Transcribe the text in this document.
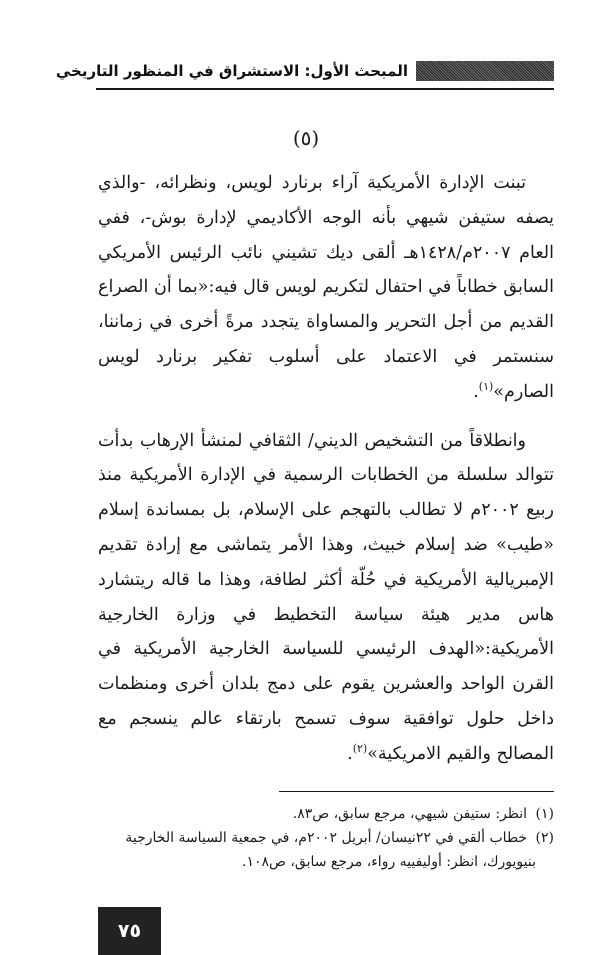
المبحث الأول: الاستشراق في المنظور التاريخي
(٥)

تبنت الإدارة الأمريكية آراء برنارد لويس، ونظرائه، -والذي يصفه ستيفن شيهي بأنه الوجه الأكاديمي لإدارة بوش-، ففي العام ٢٠٠٧م/١٤٢٨هـ ألقى ديك تشيني نائب الرئيس الأمريكي السابق خطاباً في احتفال لتكريم لويس قال فيه:«بما أن الصراع القديم من أجل التحرير والمساواة يتجدد مرةً أخرى في زماننا، سنستمر في الاعتماد على أسلوب تفكير برنارد لويس الصارم»$^{(١)}$.

وانطلاقاً من التشخيص الديني/ الثقافي لمنشأ الإرهاب بدأت تتوالد سلسلة من الخطابات الرسمية في الإدارة الأمريكية منذ ربيع ٢٠٠٢م لا تطالب بالتهجم على الإسلام، بل بمساندة إسلام «طيب» ضد إسلام خبيث، وهذا الأمر يتماشى مع إرادة تقديم الإمبريالية الأمريكية في حُلّة أكثر لطافة، وهذا ما قاله ريتشارد هاس مدير هيئة سياسة التخطيط في وزارة الخارجية الأمريكية:«الهدف الرئيسي للسياسة الخارجية الأمريكية في القرن الواحد والعشرين يقوم على دمج بلدان أخرى ومنظمات داخل حلول توافقية سوف تسمح بارتقاء عالم ينسجم مع المصالح والقيم الامريكية»$^{(٢)}$.

(١) انظر: ستيفن شيهي، مرجع سابق، ص٨٣.

(٢) خطاب ألقي في ٢٢نيسان/ أبريل ٢٠٠٢م، في جمعية السياسة الخارجية
بنيويورك، انظر: أوليفييه رواء، مرجع سابق، ص١٠٨.

٧٥
